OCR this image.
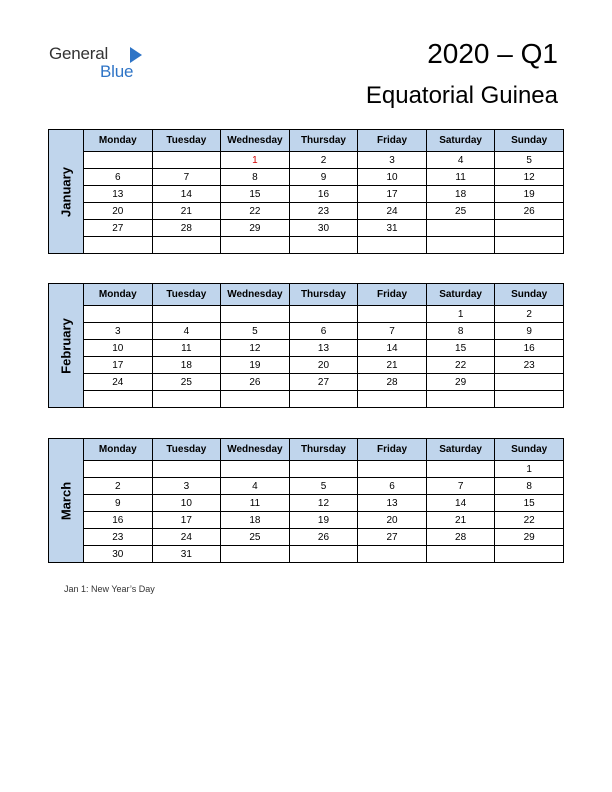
General
Blue
2020 – Q1
Equatorial Guinea
January	Monday	Tuesday	Wednesday	Thursday	Friday	Saturday	Sunday
			1	2	3	4	5
	6	7	8	9	10	11	12
	13	14	15	16	17	18	19
	20	21	22	23	24	25	26
	27	28	29	30	31		

February	Monday	Tuesday	Wednesday	Thursday	Friday	Saturday	Sunday
						1	2
	3	4	5	6	7	8	9
	10	11	12	13	14	15	16
	17	18	19	20	21	22	23
	24	25	26	27	28	29	

March	Monday	Tuesday	Wednesday	Thursday	Friday	Saturday	Sunday
							1
	2	3	4	5	6	7	8
	9	10	11	12	13	14	15
	16	17	18	19	20	21	22
	23	24	25	26	27	28	29
	30	31					
Jan 1: New Year’s Day
